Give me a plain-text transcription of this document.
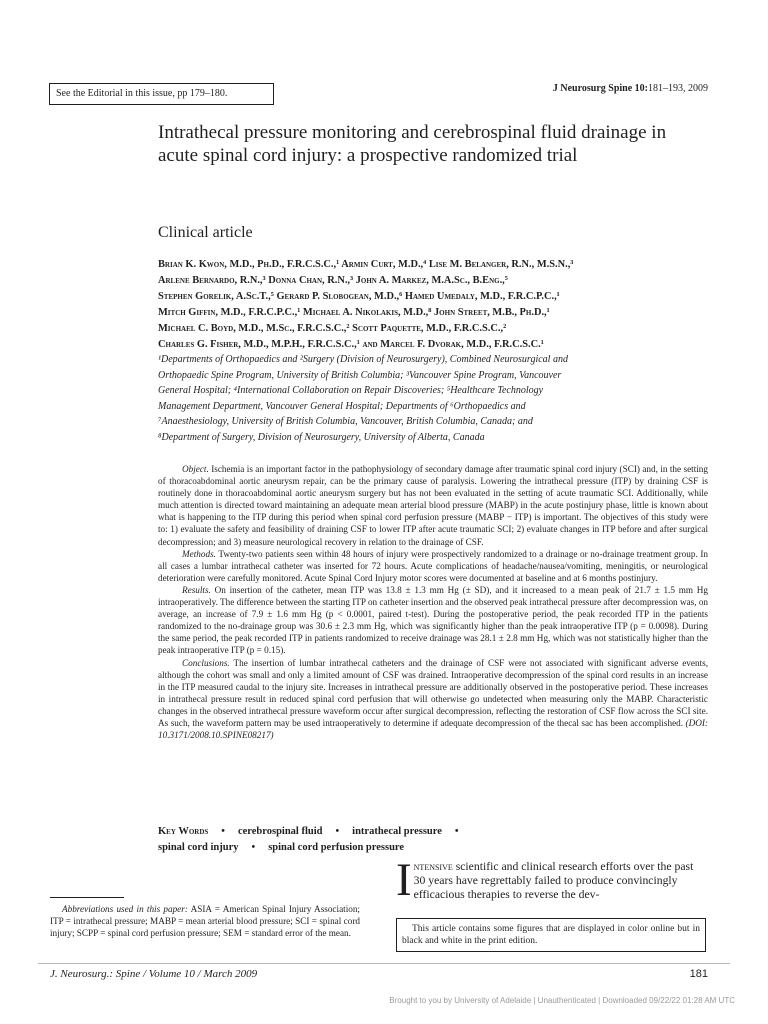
See the Editorial in this issue, pp 179–180.	J Neurosurg Spine 10:181–193, 2009
Intrathecal pressure monitoring and cerebrospinal fluid drainage in acute spinal cord injury: a prospective randomized trial
Clinical article
Brian K. Kwon, M.D., Ph.D., F.R.C.S.C.,¹ Armin Curt, M.D.,⁴ Lise M. Belanger, R.N., M.S.N.,³
Arlene Bernardo, R.N.,³ Donna Chan, R.N.,³ John A. Markez, M.A.Sc., B.Eng.,⁵
Stephen Gorelik, A.Sc.T.,⁵ Gerard P. Slobogean, M.D.,⁶ Hamed Umedaly, M.D., F.R.C.P.C.,¹
Mitch Giffin, M.D., F.R.C.P.C.,¹ Michael A. Nikolakis, M.D.,⁸ John Street, M.B., Ph.D.,¹
Michael C. Boyd, M.D., M.Sc., F.R.C.S.C.,² Scott Paquette, M.D., F.R.C.S.C.,²
Charles G. Fisher, M.D., M.P.H., F.R.C.S.C.,¹ and Marcel F. Dvorak, M.D., F.R.C.S.C.¹
¹Departments of Orthopaedics and ²Surgery (Division of Neurosurgery), Combined Neurosurgical and
Orthopaedic Spine Program, University of British Columbia; ³Vancouver Spine Program, Vancouver
General Hospital; ⁴International Collaboration on Repair Discoveries; ⁵Healthcare Technology
Management Department, Vancouver General Hospital; Departments of ⁶Orthopaedics and
⁷Anaesthesiology, University of British Columbia, Vancouver, British Columbia, Canada; and
⁸Department of Surgery, Division of Neurosurgery, University of Alberta, Canada

Object. Ischemia is an important factor in the pathophysiology of secondary damage after traumatic spinal cord injury (SCI) and, in the setting of thoracoabdominal aortic aneurysm repair, can be the primary cause of paralysis. Lowering the intrathecal pressure (ITP) by draining CSF is routinely done in thoracoabdominal aortic aneurysm surgery but has not been evaluated in the setting of acute traumatic SCI. Additionally, while much attention is directed toward maintaining an adequate mean arterial blood pressure (MABP) in the acute postinjury phase, little is known about what is happening to the ITP during this period when spinal cord perfusion pressure (MABP − ITP) is important. The objectives of this study were to: 1) evaluate the safety and feasibility of draining CSF to lower ITP after acute traumatic SCI; 2) evaluate changes in ITP before and after surgical decompression; and 3) measure neurological recovery in relation to the drainage of CSF.

Methods. Twenty-two patients seen within 48 hours of injury were prospectively randomized to a drainage or no-drainage treatment group. In all cases a lumbar intrathecal catheter was inserted for 72 hours. Acute complications of headache/nausea/vomiting, meningitis, or neurological deterioration were carefully monitored. Acute Spinal Cord Injury motor scores were documented at baseline and at 6 months postinjury.

Results. On insertion of the catheter, mean ITP was 13.8 ± 1.3 mm Hg (± SD), and it increased to a mean peak of 21.7 ± 1.5 mm Hg intraoperatively. The difference between the starting ITP on catheter insertion and the observed peak intrathecal pressure after decompression was, on average, an increase of 7.9 ± 1.6 mm Hg (p < 0.0001, paired t-test). During the postoperative period, the peak recorded ITP in the patients randomized to the no-drainage group was 30.6 ± 2.3 mm Hg, which was significantly higher than the peak intraoperative ITP (p = 0.0098). During the same period, the peak recorded ITP in patients randomized to receive drainage was 28.1 ± 2.8 mm Hg, which was not statistically higher than the peak intraoperative ITP (p = 0.15).

Conclusions. The insertion of lumbar intrathecal catheters and the drainage of CSF were not associated with significant adverse events, although the cohort was small and only a limited amount of CSF was drained. Intraoperative decompression of the spinal cord results in an increase in the ITP measured caudal to the injury site. Increases in intrathecal pressure are additionally observed in the postoperative period. These increases in intrathecal pressure result in reduced spinal cord perfusion that will otherwise go undetected when measuring only the MABP. Characteristic changes in the observed intrathecal pressure waveform occur after surgical decompression, reflecting the restoration of CSF flow across the SCI site. As such, the waveform pattern may be used intraoperatively to determine if adequate decompression of the thecal sac has been accomplished. (DOI: 10.3171/2008.10.SPINE08217)

Key Words • cerebrospinal fluid • intrathecal pressure •
spinal cord injury • spinal cord perfusion pressure
Intensive scientific and clinical research efforts over the past 30 years have regrettably failed to produce convincingly efficacious therapies to reverse the dev-
This article contains some figures that are displayed in color online but in black and white in the print edition.
Abbreviations used in this paper: ASIA = American Spinal Injury Association; ITP = intrathecal pressure; MABP = mean arterial blood pressure; SCI = spinal cord injury; SCPP = spinal cord perfusion pressure; SEM = standard error of the mean.
J. Neurosurg.: Spine / Volume 10 / March 2009	181
Brought to you by University of Adelaide | Unauthenticated | Downloaded 09/22/22 01:28 AM UTC
